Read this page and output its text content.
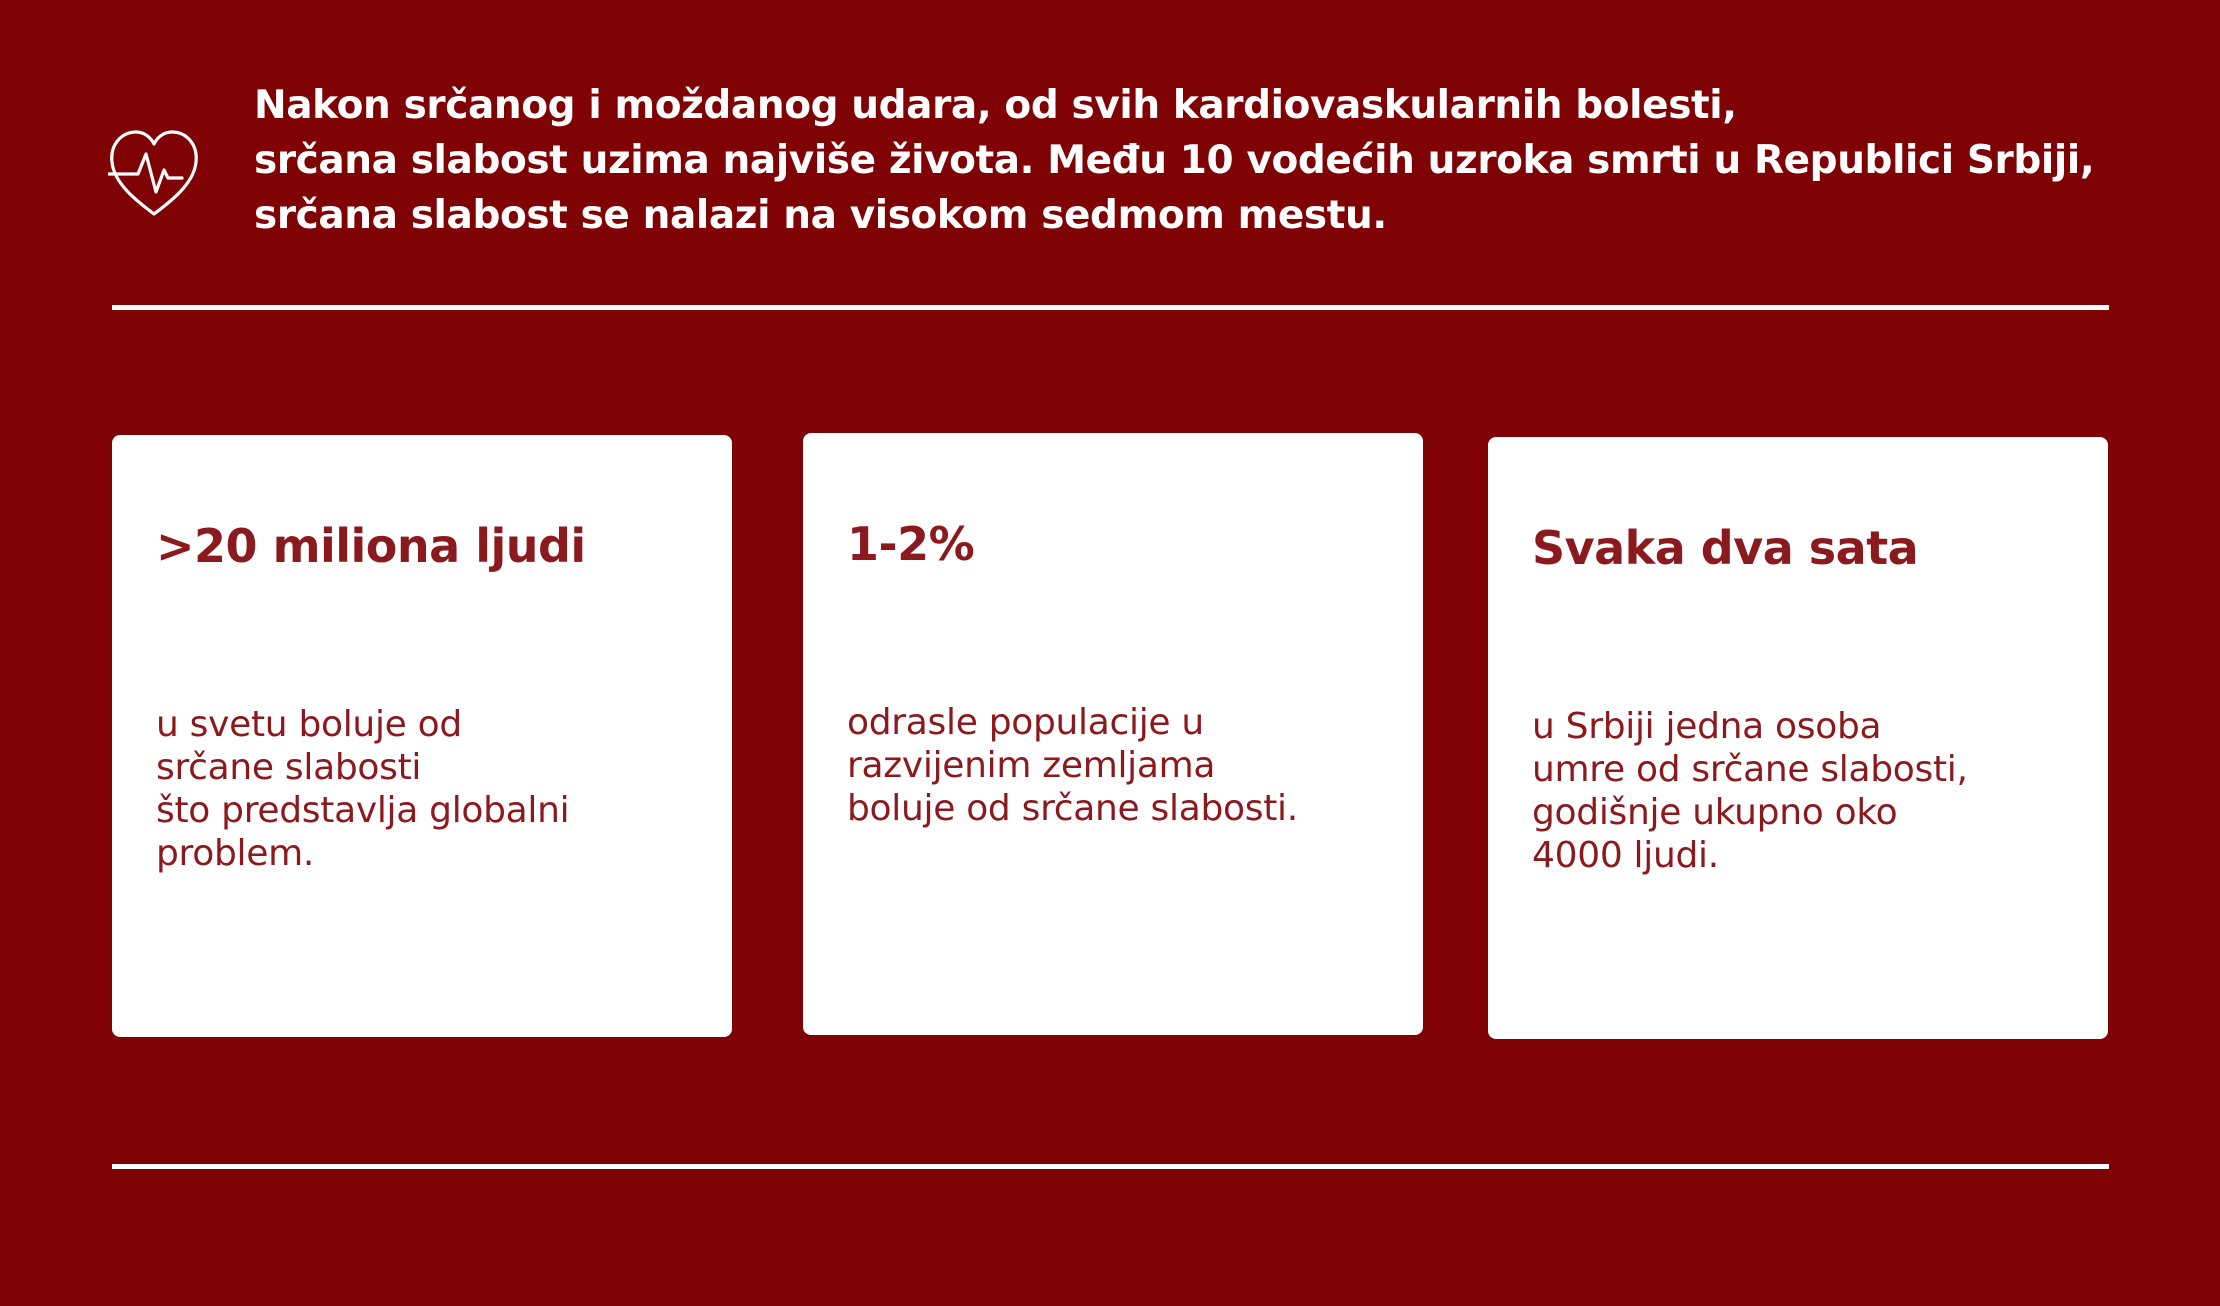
Nakon srčanog i moždanog udara, od svih kardiovaskularnih bolesti,
srčana slabost uzima najviše života. Među 10 vodećih uzroka smrti u Republici Srbiji,
srčana slabost se nalazi na visokom sedmom mestu.

>20 miliona ljudi
u svetu boluje od
srčane slabosti
što predstavlja globalni
problem.
1-2%
odrasle populacije u
razvijenim zemljama
boluje od srčane slabosti.
Svaka dva sata
u Srbiji jedna osoba
umre od srčane slabosti,
godišnje ukupno oko
4000 ljudi.
